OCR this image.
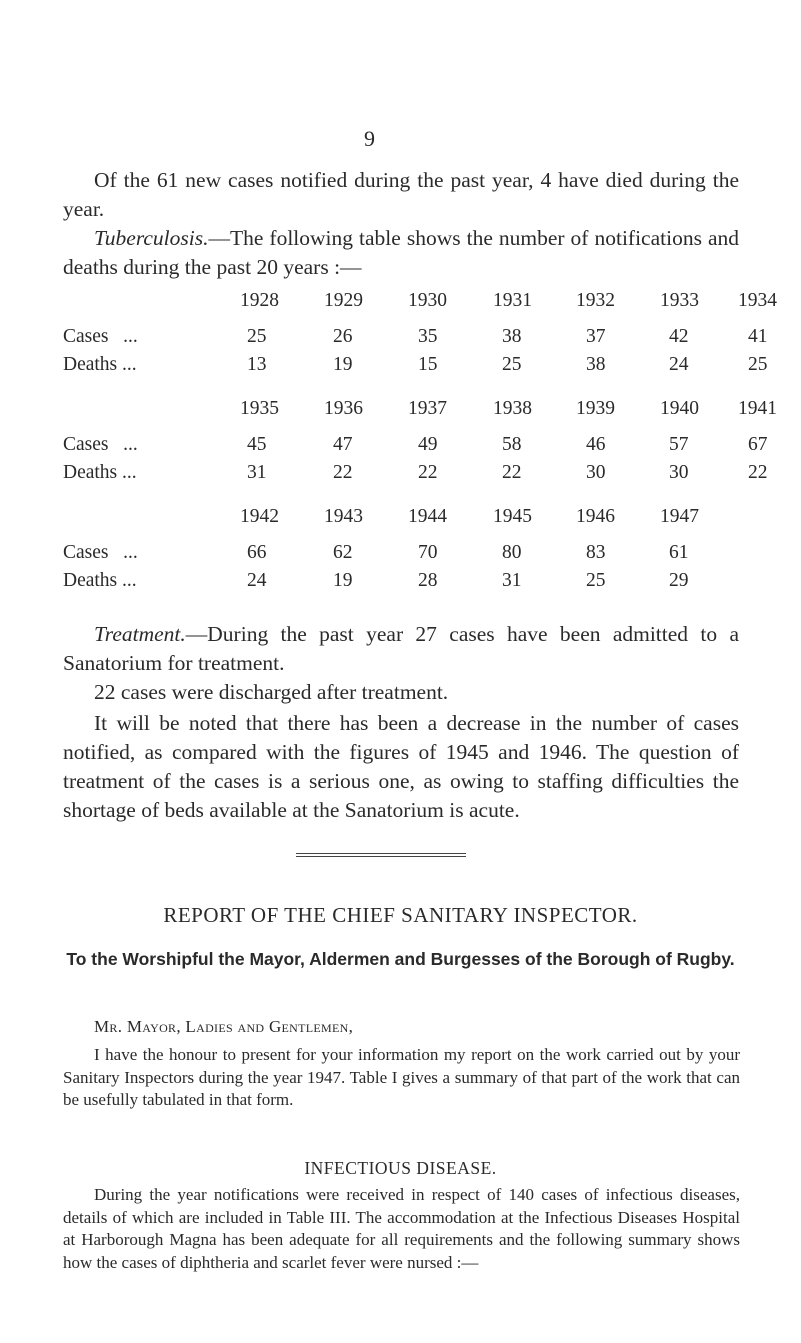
9

Of the 61 new cases notified during the past year, 4 have died during the year.

Tuberculosis.—The following table shows the number of notifications and deaths during the past 20 years :—

1928 1929 1930 1931 1932 1933 1934
Cases   ...	25	26	35	38	37	42	41
Deaths ...	13	19	15	25	38	24	25
1935 1936 1937 1938 1939 1940 1941
Cases   ...	45	47	49	58	46	57	67
Deaths ...	31	22	22	22	30	30	22
1942 1943 1944 1945 1946 1947
Cases   ...	66	62	70	80	83	61
Deaths ...	24	19	28	31	25	29

Treatment.—During the past year 27 cases have been admitted to a Sanatorium for treatment.

22 cases were discharged after treatment.

It will be noted that there has been a decrease in the number of cases notified, as compared with the figures of 1945 and 1946. The question of treatment of the cases is a serious one, as owing to staffing difficulties the shortage of beds available at the Sanatorium is acute.

REPORT OF THE CHIEF SANITARY INSPECTOR.
To the Worshipful the Mayor, Aldermen and Burgesses of the Borough of Rugby.
Mr. Mayor, Ladies and Gentlemen,

I have the honour to present for your information my report on the work carried out by your Sanitary Inspectors during the year 1947. Table I gives a summary of that part of the work that can be usefully tabulated in that form.

INFECTIOUS DISEASE.

During the year notifications were received in respect of 140 cases of infectious diseases, details of which are included in Table III. The accommodation at the Infectious Diseases Hospital at Harborough Magna has been adequate for all requirements and the following summary shows how the cases of diphtheria and scarlet fever were nursed :—
